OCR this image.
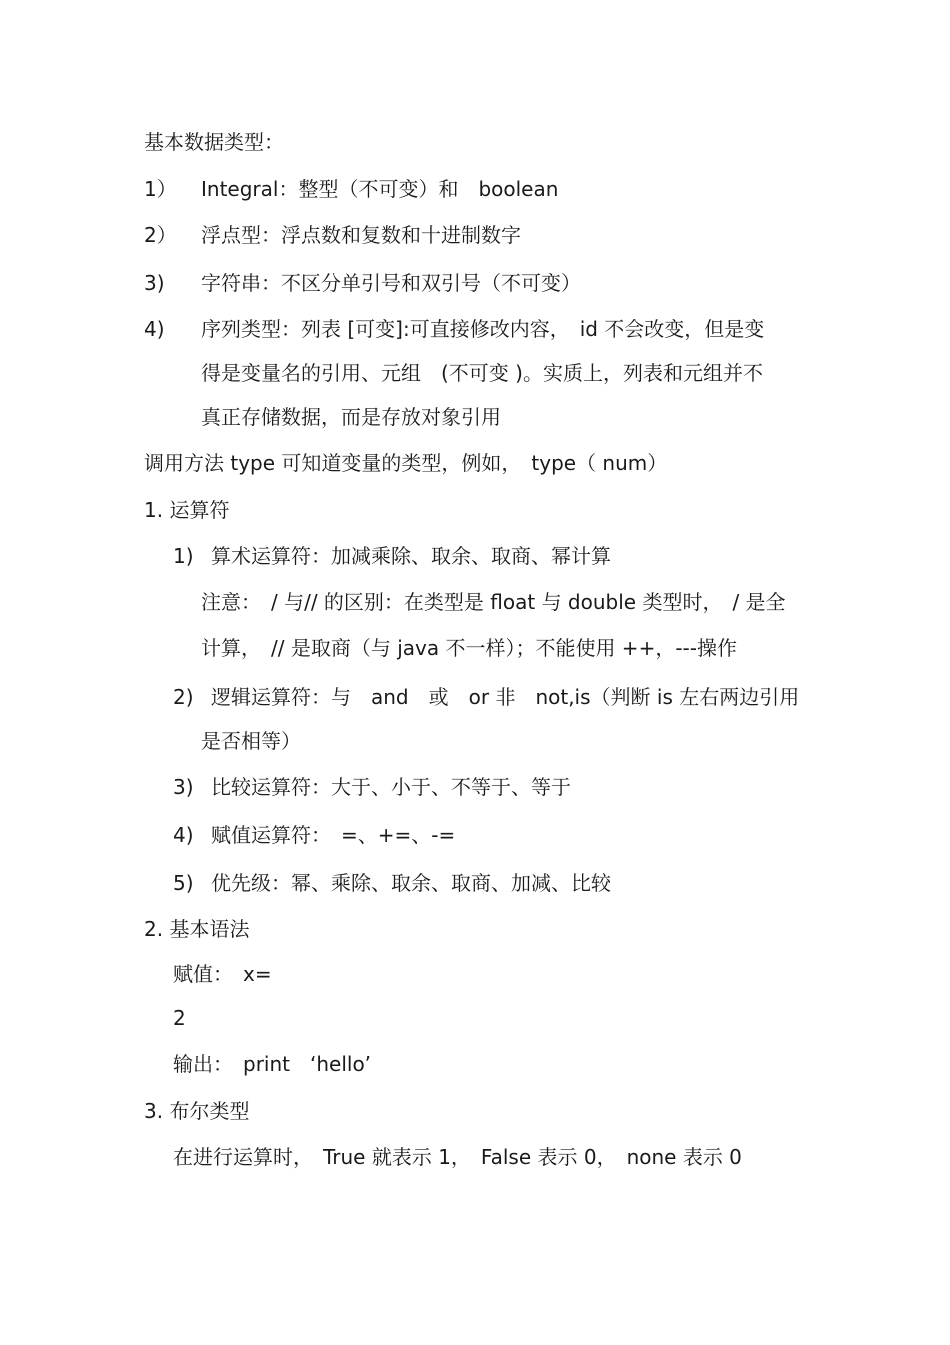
基本数据类型：

1） Integral：整型（不可变）和　boolean

2） 浮点型：浮点数和复数和十进制数字

3) 字符串：不区分单引号和双引号（不可变）

4) 序列类型：列表 [可变]:可直接修改内容，　id 不会改变，但是变

得是变量名的引用、元组　(不可变 )。实质上，列表和元组并不

真正存储数据，而是存放对象引用

调用方法 type 可知道变量的类型，例如，　type（ num）

1. 运算符

1) 算术运算符：加减乘除、取余、取商、幂计算

注意：　/ 与// 的区别：在类型是 float 与 double 类型时，　/ 是全

计算，　// 是取商（与 java 不一样）；不能使用 ++，---操作

2) 逻辑运算符：与　and　或　or 非　not,is（判断 is 左右两边引用

是否相等）

3) 比较运算符：大于、小于、不等于、等于

4) 赋值运算符：　=、+=、-=

5) 优先级：幂、乘除、取余、取商、加减、比较

2. 基本语法

赋值：　x=

2

输出：　print　‘hello’

3. 布尔类型

在进行运算时，　True 就表示 1，　False 表示 0，　none 表示 0
